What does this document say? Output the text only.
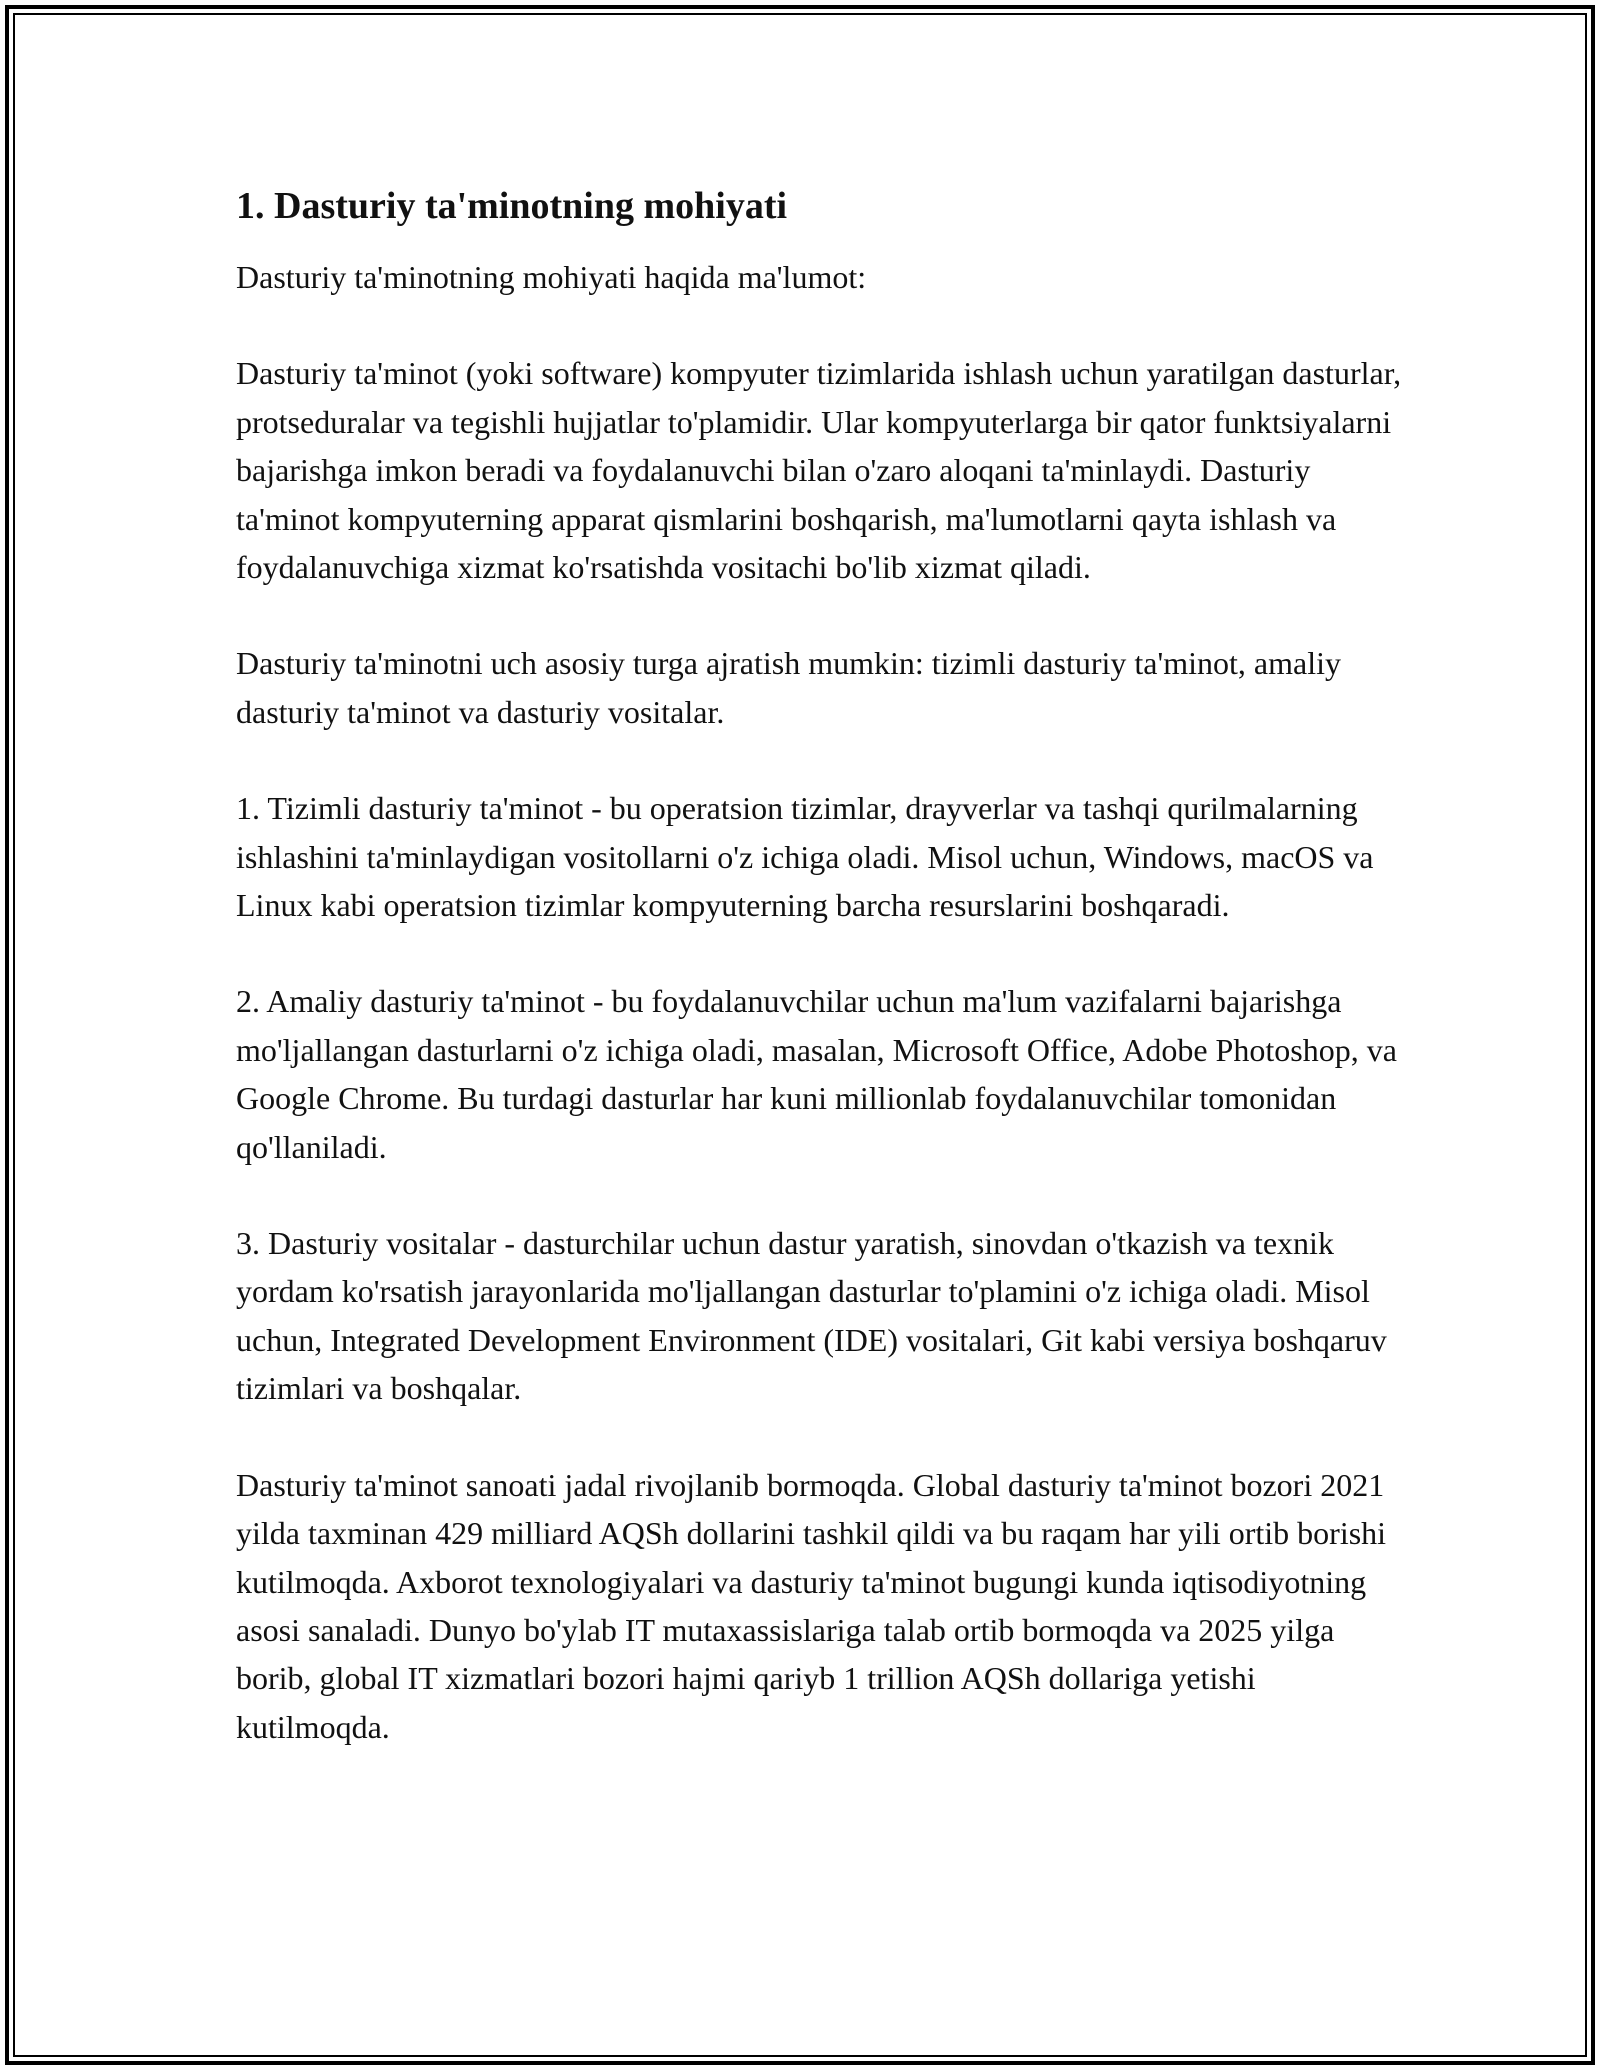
1. Dasturiy ta'minotning mohiyati

Dasturiy ta'minotning mohiyati haqida ma'lumot:

Dasturiy ta'minot (yoki software) kompyuter tizimlarida ishlash uchun yaratilgan dasturlar, protseduralar va tegishli hujjatlar to'plamidir. Ular kompyuterlarga bir qator funktsiyalarni bajarishga imkon beradi va foydalanuvchi bilan o'zaro aloqani ta'minlaydi. Dasturiy ta'minot kompyuterning apparat qismlarini boshqarish, ma'lumotlarni qayta ishlash va foydalanuvchiga xizmat ko'rsatishda vositachi bo'lib xizmat qiladi.

Dasturiy ta'minotni uch asosiy turga ajratish mumkin: tizimli dasturiy ta'minot, amaliy dasturiy ta'minot va dasturiy vositalar.

1. Tizimli dasturiy ta'minot - bu operatsion tizimlar, drayverlar va tashqi qurilmalarning ishlashini ta'minlaydigan vositollarni o'z ichiga oladi. Misol uchun, Windows, macOS va Linux kabi operatsion tizimlar kompyuterning barcha resurslarini boshqaradi.

2. Amaliy dasturiy ta'minot - bu foydalanuvchilar uchun ma'lum vazifalarni bajarishga mo'ljallangan dasturlarni o'z ichiga oladi, masalan, Microsoft Office, Adobe Photoshop, va Google Chrome. Bu turdagi dasturlar har kuni millionlab foydalanuvchilar tomonidan qo'llaniladi.

3. Dasturiy vositalar - dasturchilar uchun dastur yaratish, sinovdan o'tkazish va texnik yordam ko'rsatish jarayonlarida mo'ljallangan dasturlar to'plamini o'z ichiga oladi. Misol uchun, Integrated Development Environment (IDE) vositalari, Git kabi versiya boshqaruv tizimlari va boshqalar.

Dasturiy ta'minot sanoati jadal rivojlanib bormoqda. Global dasturiy ta'minot bozori 2021 yilda taxminan 429 milliard AQSh dollarini tashkil qildi va bu raqam har yili ortib borishi kutilmoqda. Axborot texnologiyalari va dasturiy ta'minot bugungi kunda iqtisodiyotning asosi sanaladi. Dunyo bo'ylab IT mutaxassislariga talab ortib bormoqda va 2025 yilga borib, global IT xizmatlari bozori hajmi qariyb 1 trillion AQSh dollariga yetishi kutilmoqda.
